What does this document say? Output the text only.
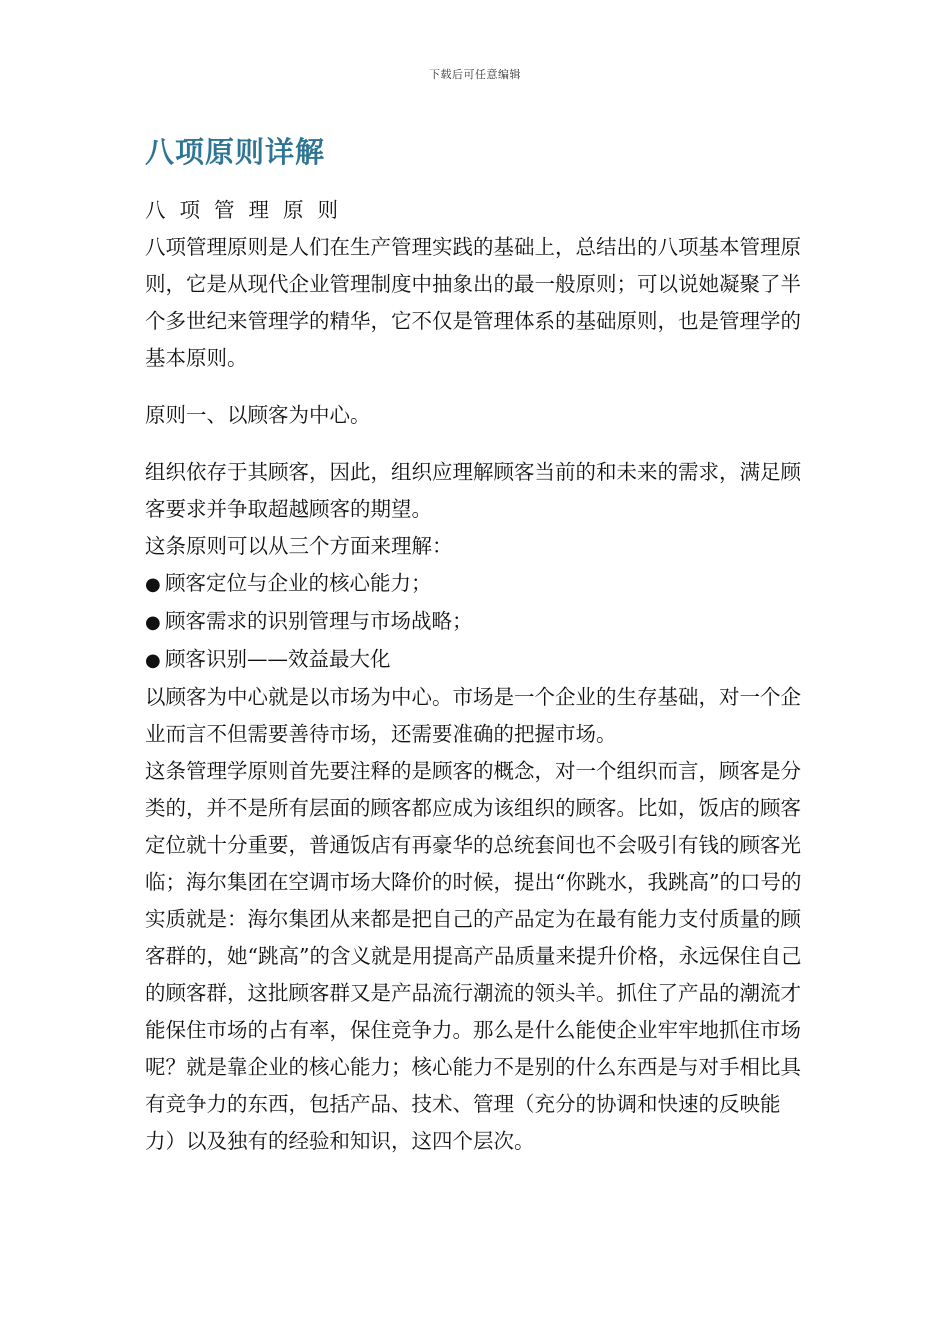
下载后可任意编辑
八项原则详解

八项管理原则

八项管理原则是人们在生产管理实践的基础上，总结出的八项基本管理原则，它是从现代企业管理制度中抽象出的最一般原则；可以说她凝聚了半个多世纪来管理学的精华，它不仅是管理体系的基础原则，也是管理学的基本原则。

原则一、以顾客为中心。

组织依存于其顾客，因此，组织应理解顾客当前的和未来的需求，满足顾客要求并争取超越顾客的期望。

这条原则可以从三个方面来理解：

● 顾客定位与企业的核心能力；

● 顾客需求的识别管理与市场战略；

● 顾客识别——效益最大化

以顾客为中心就是以市场为中心。市场是一个企业的生存基础，对一个企业而言不但需要善待市场，还需要准确的把握市场。

这条管理学原则首先要注释的是顾客的概念，对一个组织而言，顾客是分类的，并不是所有层面的顾客都应成为该组织的顾客。比如，饭店的顾客定位就十分重要，普通饭店有再豪华的总统套间也不会吸引有钱的顾客光临；海尔集团在空调市场大降价的时候，提出“你跳水，我跳高”的口号的实质就是：海尔集团从来都是把自己的产品定为在最有能力支付质量的顾客群的，她“跳高”的含义就是用提高产品质量来提升价格，永远保住自己的顾客群，这批顾客群又是产品流行潮流的领头羊。抓住了产品的潮流才能保住市场的占有率，保住竞争力。那么是什么能使企业牢牢地抓住市场呢？就是靠企业的核心能力；核心能力不是别的什么东西是与对手相比具有竞争力的东西，包括产品、技术、管理（充分的协调和快速的反映能力）以及独有的经验和知识，这四个层次。
